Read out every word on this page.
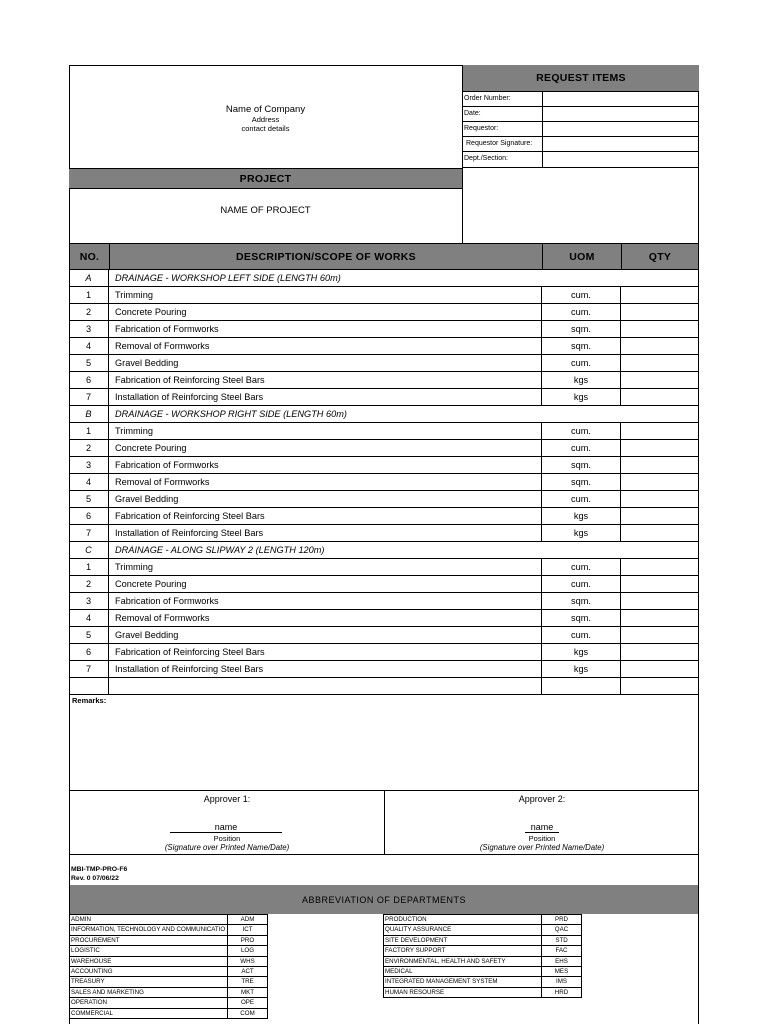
Name of Company
Address
contact details
REQUEST ITEMS
Order Number:
Date:
Requestor:
Requestor Signature:
Dept./Section:
PROJECT
NAME OF PROJECT
NO.	DESCRIPTION/SCOPE OF WORKS	UOM	QTY
A	DRAINAGE - WORKSHOP LEFT SIDE (LENGTH 60m)
1	Trimming	cum.
2	Concrete Pouring	cum.
3	Fabrication of Formworks	sqm.
4	Removal of Formworks	sqm.
5	Gravel Bedding	cum.
6	Fabrication of Reinforcing Steel Bars	kgs
7	Installation of Reinforcing Steel Bars	kgs
B	DRAINAGE - WORKSHOP RIGHT SIDE (LENGTH 60m)
1	Trimming	cum.
2	Concrete Pouring	cum.
3	Fabrication of Formworks	sqm.
4	Removal of Formworks	sqm.
5	Gravel Bedding	cum.
6	Fabrication of Reinforcing Steel Bars	kgs
7	Installation of Reinforcing Steel Bars	kgs
C	DRAINAGE - ALONG SLIPWAY 2 (LENGTH 120m)
1	Trimming	cum.
2	Concrete Pouring	cum.
3	Fabrication of Formworks	sqm.
4	Removal of Formworks	sqm.
5	Gravel Bedding	cum.
6	Fabrication of Reinforcing Steel Bars	kgs
7	Installation of Reinforcing Steel Bars	kgs
Remarks:
Approver 1:
name
Position
(Signature over Printed Name/Date)
Approver 2:
name
Position
(Signature over Printed Name/Date)
MBI-TMP-PRO-F6
Rev. 0 07/06/22
ABBREVIATION OF DEPARTMENTS
ADMIN	ADM
INFORMATION, TECHNOLOGY AND COMMUNICATIO	ICT
PROCUREMENT	PRO
LOGISTIC	LOG
WAREHOUSE	WHS
ACCOUNTING	ACT
TREASURY	TRE
SALES AND MARKETING	MKT
OPERATION	OPE
COMMERCIAL	COM
PRODUCTION	PRD
QUALITY ASSURANCE	QAC
SITE DEVELOPMENT	STD
FACTORY SUPPORT	FAC
ENVIRONMENTAL, HEALTH AND SAFETY	EHS
MEDICAL	MES
INTEGRATED MANAGEMENT SYSTEM	IMS
HUMAN RESOURSE	HRD
